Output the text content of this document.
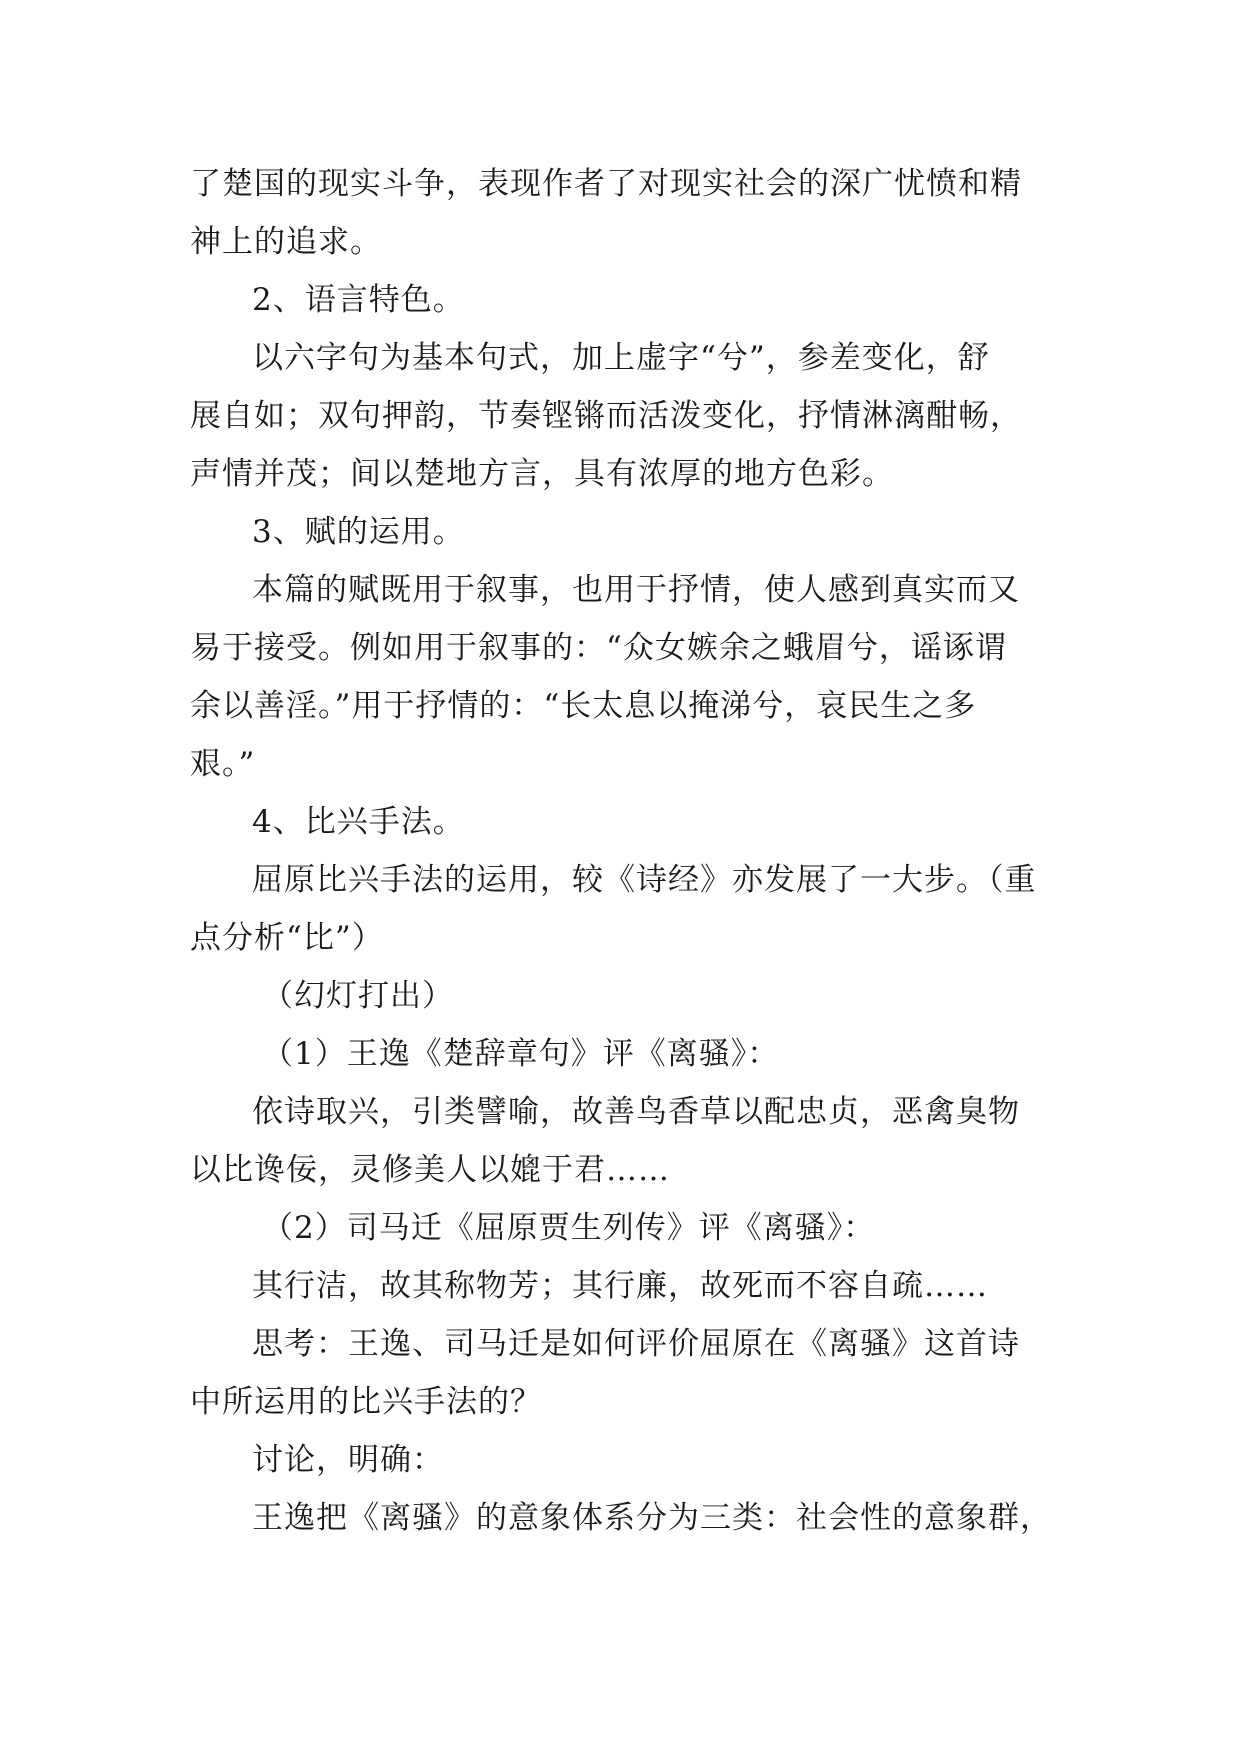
了楚国的现实斗争，表现作者了对现实社会的深广忧愤和精
神上的追求。
2、语言特色。
以六字句为基本句式，加上虚字“兮”，参差变化，舒
展自如；双句押韵，节奏铿锵而活泼变化，抒情淋漓酣畅，
声情并茂；间以楚地方言，具有浓厚的地方色彩。
3、赋的运用。
本篇的赋既用于叙事，也用于抒情，使人感到真实而又
易于接受。例如用于叙事的：“众女嫉余之蛾眉兮，谣诼谓
余以善淫。”用于抒情的：“长太息以掩涕兮，哀民生之多
艰。”
4、比兴手法。
屈原比兴手法的运用，较《诗经》亦发展了一大步。（重
点分析“比”）
（幻灯打出）
（1）王逸《楚辞章句》评《离骚》：
依诗取兴，引类譬喻，故善鸟香草以配忠贞，恶禽臭物
以比谗佞，灵修美人以媲于君……
（2）司马迁《屈原贾生列传》评《离骚》：
其行洁，故其称物芳；其行廉，故死而不容自疏……
思考：王逸、司马迁是如何评价屈原在《离骚》这首诗
中所运用的比兴手法的？
讨论，明确：
王逸把《离骚》的意象体系分为三类：社会性的意象群，
